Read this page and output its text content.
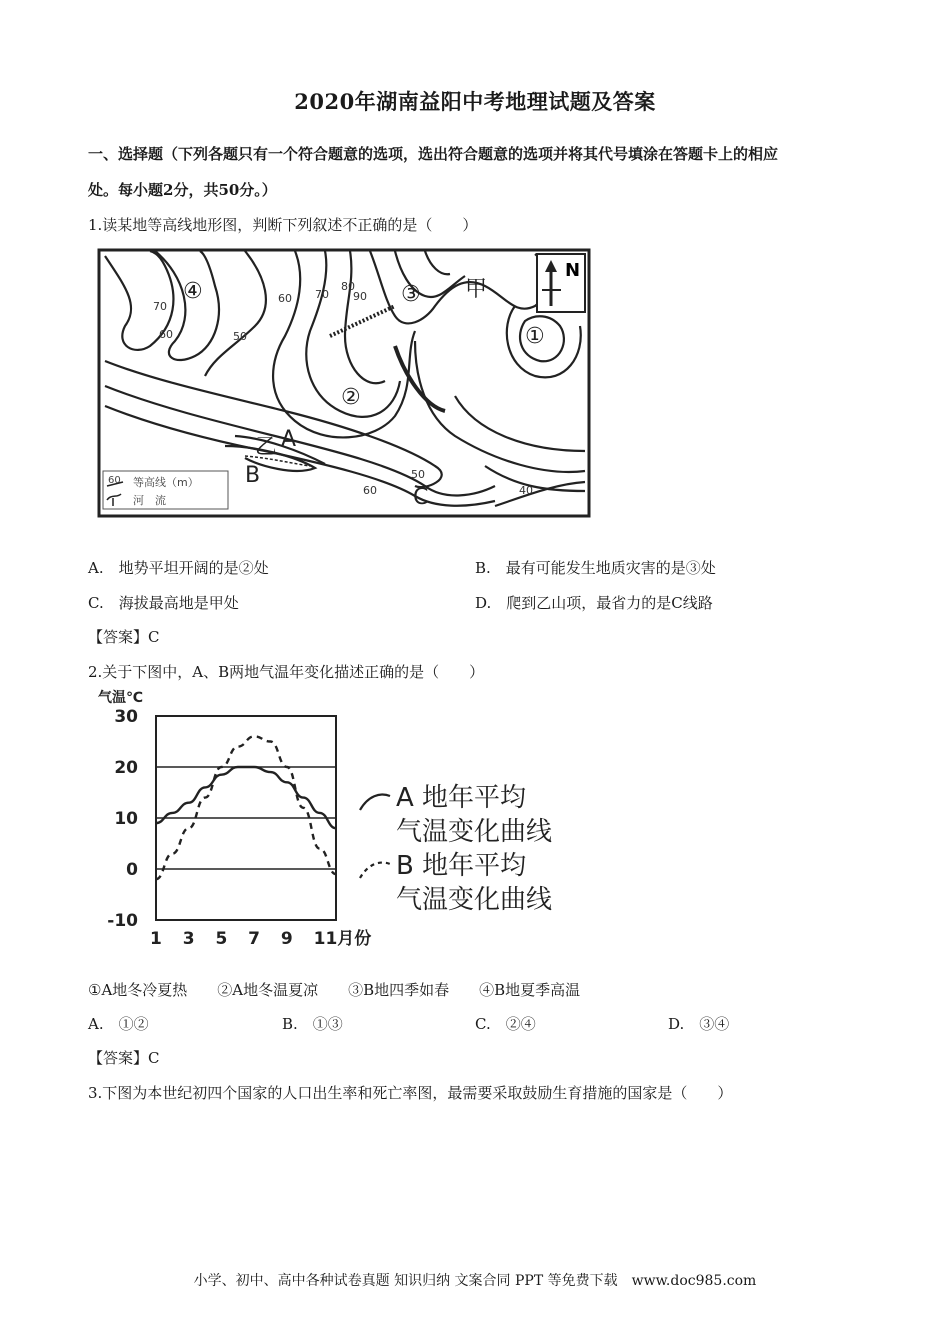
2020年湖南益阳中考地理试题及答案
一、选择题（下列各题只有一个符合题意的选项，选出符合题意的选项并将其代号填涂在答题卡上的相应
处。每小题2分，共50分。）
1.读某地等高线地形图，判断下列叙述不正确的是（　　）
N
60 等高线（m）
河　流
④	③ 甲
②
①
乙 A
B
C
70
60
60 70
80
90
50
50
60	40
A.　地势平坦开阔的是②处	B.　最有可能发生地质灾害的是③处
C.　海拔最高地是甲处	D.　爬到乙山项，最省力的是C线路
【答案】C
2.关于下图中，A、B两地气温年变化描述正确的是（　　）
30
20
10
0
-10
1 3 5 7 9 11月份
A 地年平均
气温变化曲线
B 地年平均
气温变化曲线
气温℃
①A地冬冷夏热　　②A地冬温夏凉　　③B地四季如春　　④B地夏季高温
A.　①②	B.　①③	C.　②④	D.　③④
【答案】C
3.下图为本世纪初四个国家的人口出生率和死亡率图，最需要采取鼓励生育措施的国家是（　　）
小学、初中、高中各种试卷真题 知识归纳 文案合同 PPT 等免费下载　www.doc985.com
